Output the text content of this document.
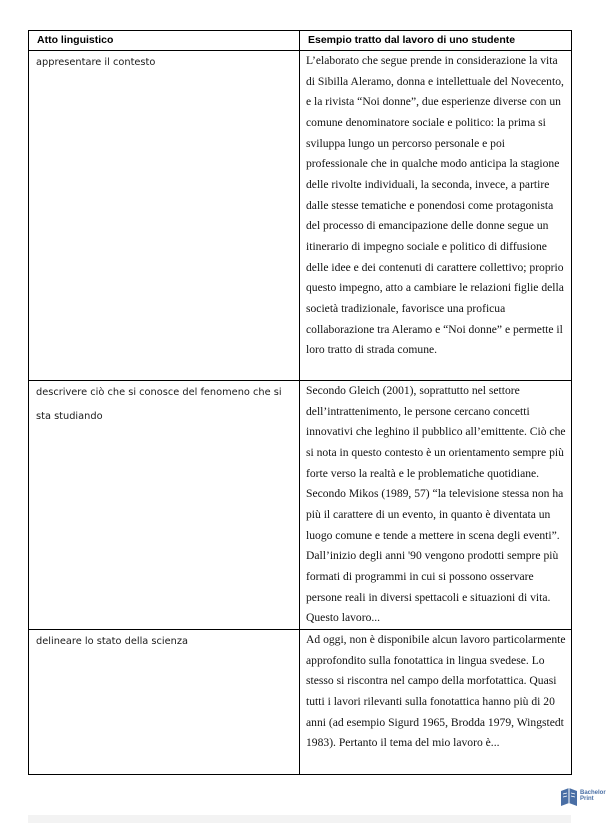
Atto linguistico	Esempio tratto dal lavoro di uno studente

appresentare il contesto	L’elaborato che segue prende in considerazione la vita di Sibilla Aleramo, donna e intellettuale del Novecento, e la rivista “Noi donne”, due esperienze diverse con un comune denominatore sociale e politico: la prima si sviluppa lungo un percorso personale e poi professionale che in qualche modo anticipa la stagione delle rivolte individuali, la seconda, invece, a partire dalle stesse tematiche e ponendosi come protagonista del processo di emancipazione delle donne segue un itinerario di impegno sociale e politico di diffusione delle idee e dei contenuti di carattere collettivo; proprio questo impegno, atto a cambiare le relazioni figlie della società tradizionale, favorisce una proficua collaborazione tra Aleramo e “Noi donne” e permette il loro tratto di strada comune.

descrivere ciò che si conosce del fenomeno che si sta studiando	Secondo Gleich (2001), soprattutto nel settore dell’intrattenimento, le persone cercano concetti innovativi che leghino il pubblico all’emittente. Ciò che si nota in questo contesto è un orientamento sempre più forte verso la realtà e le problematiche quotidiane. Secondo Mikos (1989, 57) “la televisione stessa non ha più il carattere di un evento, in quanto è diventata un luogo comune e tende a mettere in scena degli eventi”. Dall’inizio degli anni '90 vengono prodotti sempre più formati di programmi in cui si possono osservare persone reali in diversi spettacoli e situazioni di vita. Questo lavoro...

delineare lo stato della scienza	Ad oggi, non è disponibile alcun lavoro particolarmente approfondito sulla fonotattica in lingua svedese. Lo stesso si riscontra nel campo della morfotattica. Quasi tutti i lavori rilevanti sulla fonotattica hanno più di 20 anni (ad esempio Sigurd 1965, Brodda 1979, Wingstedt 1983). Pertanto il tema del mio lavoro è...
Bachelor
Print
